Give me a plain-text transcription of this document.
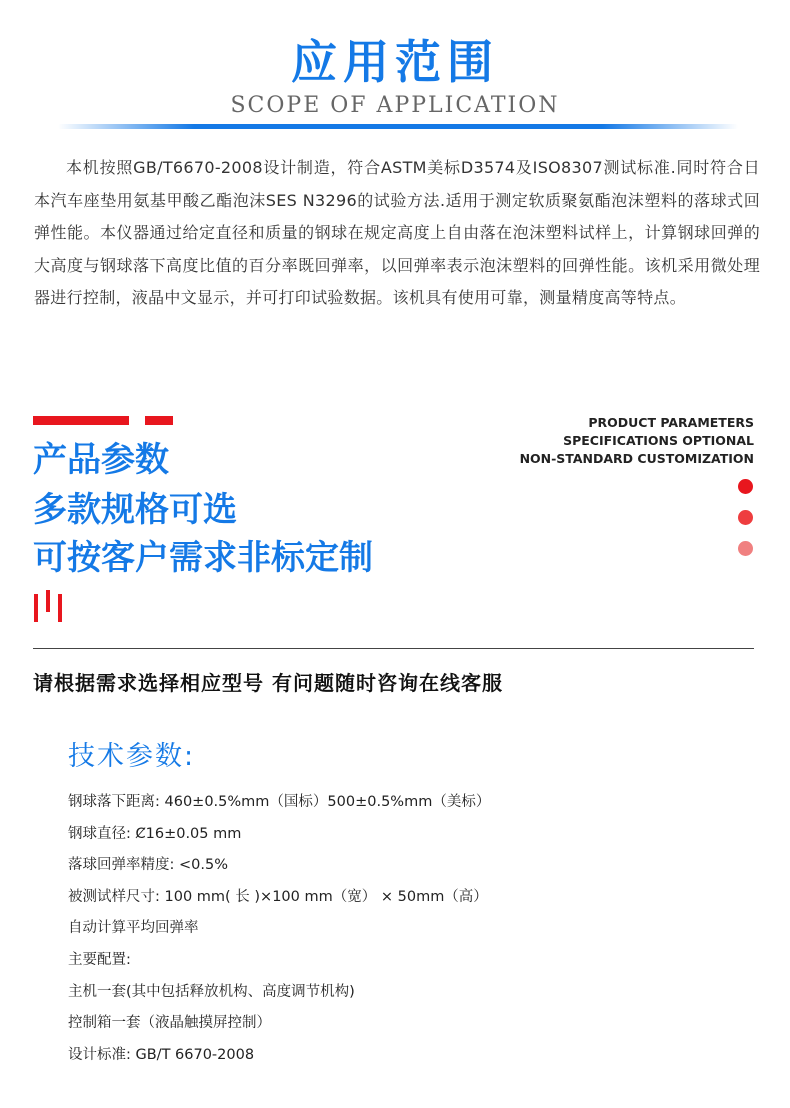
应用范围
SCOPE OF APPLICATION

本机按照GB/T6670-2008设计制造，符合ASTM美标D3574及ISO8307测试标准.同时符合日本汽车座垫用氨基甲酸乙酯泡沫SES N3296的试验方法.适用于测定软质聚氨酯泡沫塑料的落球式回弹性能。本仪器通过给定直径和质量的钢球在规定高度上自由落在泡沫塑料试样上，计算钢球回弹的大高度与钢球落下高度比值的百分率既回弹率，以回弹率表示泡沫塑料的回弹性能。该机采用微处理器进行控制，液晶中文显示，并可打印试验数据。该机具有使用可靠，测量精度高等特点。

产品参数
多款规格可选
可按客户需求非标定制
PRODUCT PARAMETERS
SPECIFICATIONS OPTIONAL
NON-STANDARD CUSTOMIZATION
请根据需求选择相应型号 有问题随时咨询在线客服
技术参数:
钢球落下距离: 460±0.5%mm（国标）500±0.5%mm（美标）
钢球直径: Ȼ16±0.05 mm
落球回弹率精度: <0.5%
被测试样尺寸: 100 mm( 长 )×100 mm（宽） × 50mm（高）
自动计算平均回弹率
主要配置:
主机一套(其中包括释放机构、高度调节机构)
控制箱一套（液晶触摸屏控制）
设计标准: GB/T 6670-2008
